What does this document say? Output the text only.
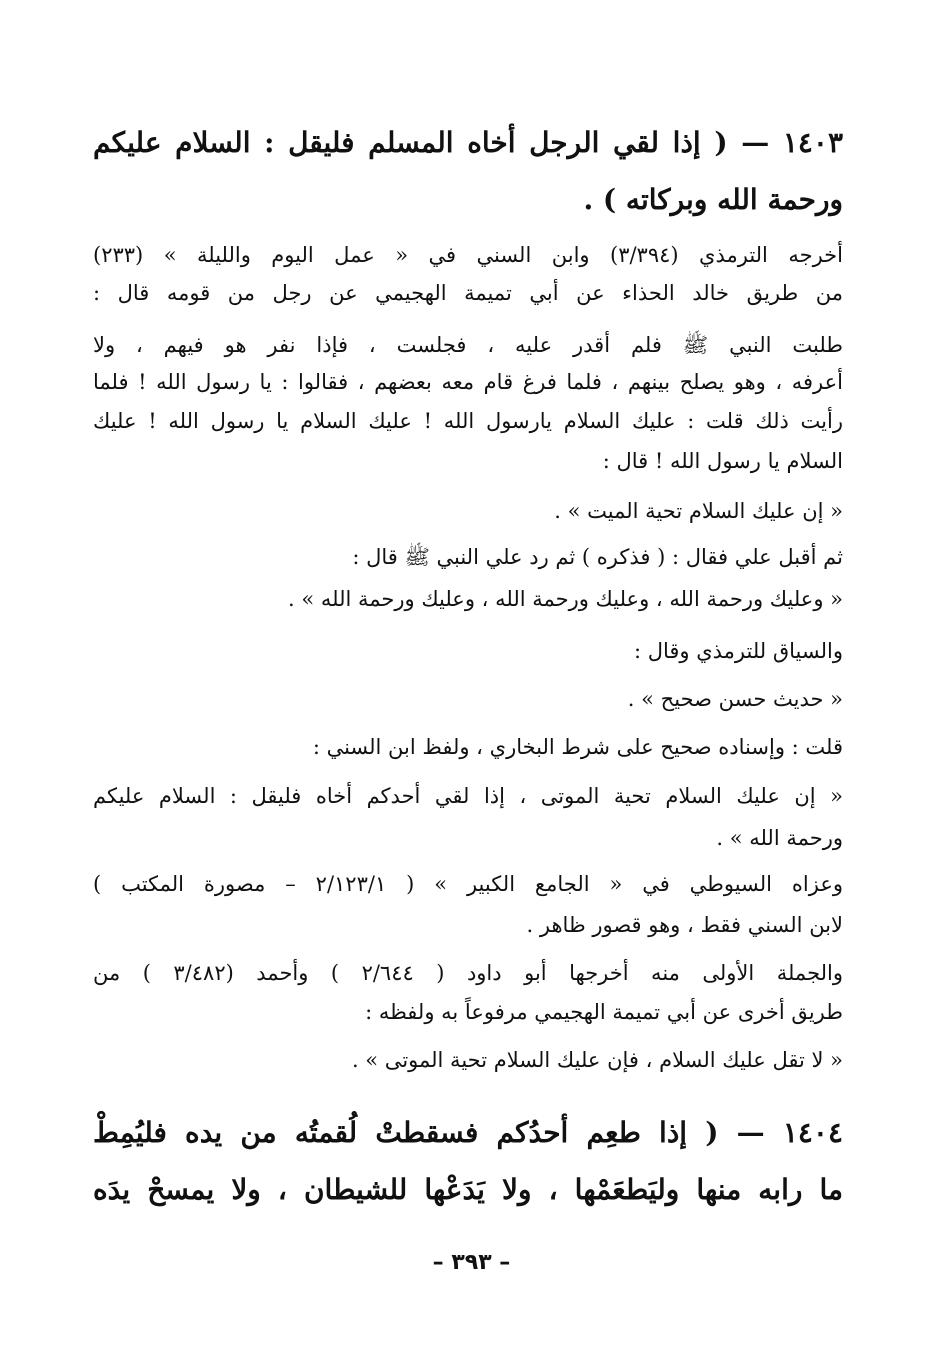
١٤٠٣ — ( إذا لقي الرجل أخاه المسلم فليقل : السلام عليكم
ورحمة الله وبركاته ) .
أخرجه الترمذي (٣/٣٩٤) وابن السني في « عمل اليوم والليلة » (٢٣٣)
من طريق خالد الحذاء عن أبي تميمة الهجيمي عن رجل من قومه قال :
طلبت النبي ﷺ فلم أقدر عليه ، فجلست ، فإذا نفر هو فيهم ، ولا
أعرفه ، وهو يصلح بينهم ، فلما فرغ قام معه بعضهم ، فقالوا : يا رسول الله ! فلما
رأيت ذلك قلت : عليك السلام يارسول الله ! عليك السلام يا رسول الله ! عليك
السلام يا رسول الله ! قال :
« إن عليك السلام تحية الميت » .
ثم أقبل علي فقال : ( فذكره ) ثم رد علي النبي ﷺ قال :
« وعليك ورحمة الله ، وعليك ورحمة الله ، وعليك ورحمة الله » .
والسياق للترمذي وقال :
« حديث حسن صحيح » .
قلت : وإسناده صحيح على شرط البخاري ، ولفظ ابن السني :
« إن عليك السلام تحية الموتى ، إذا لقي أحدكم أخاه فليقل : السلام عليكم
ورحمة الله » .
وعزاه السيوطي في « الجامع الكبير » ( ٢/١٢٣/١ – مصورة المكتب )
لابن السني فقط ، وهو قصور ظاهر .
والجملة الأولى منه أخرجها أبو داود ( ٢/٦٤٤ ) وأحمد (٣/٤٨٢ ) من
طريق أخرى عن أبي تميمة الهجيمي مرفوعاً به ولفظه :
« لا تقل عليك السلام ، فإن عليك السلام تحية الموتى » .
١٤٠٤ — ( إذا طعِم أحدُكم فسقطتْ لُقمتُه من يده فليُمِطْ
ما رابه منها وليَطعَمْها ، ولا يَدَعْها للشيطان ، ولا يمسحْ يدَه
– ٣٩٣ –
